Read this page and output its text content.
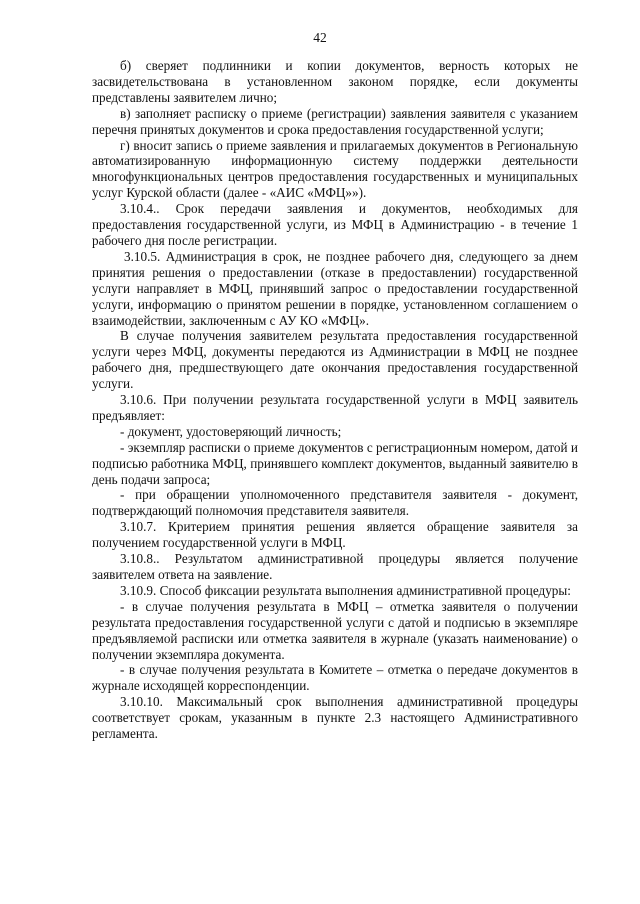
42

б) сверяет подлинники и копии документов, верность которых не засвидетельствована в установленном законом порядке, если документы представлены заявителем лично;

в) заполняет расписку о приеме (регистрации) заявления заявителя с указанием перечня принятых документов и срока предоставления государственной услуги;

г) вносит запись о приеме заявления и прилагаемых документов в Региональную автоматизированную информационную систему поддержки деятельности многофункциональных центров предоставления государственных и муниципальных услуг Курской области (далее - «АИС «МФЦ»»).

3.10.4.. Срок передачи заявления и документов, необходимых для предоставления государственной услуги, из МФЦ в Администрацию - в течение 1 рабочего дня после регистрации.

3.10.5. Администрация в срок, не позднее рабочего дня, следующего за днем принятия решения о предоставлении (отказе в предоставлении) государственной услуги направляет в МФЦ, принявший запрос о предоставлении государственной услуги, информацию о принятом решении в порядке, установленном соглашением о взаимодействии, заключенным с АУ КО «МФЦ».

В случае получения заявителем результата предоставления государственной услуги через МФЦ, документы передаются из Администрации в МФЦ не позднее рабочего дня, предшествующего дате окончания предоставления государственной услуги.

3.10.6. При получении результата государственной услуги в МФЦ заявитель предъявляет:

- документ, удостоверяющий личность;

- экземпляр расписки о приеме документов с регистрационным номером, датой и подписью работника МФЦ, принявшего комплект документов, выданный заявителю в день подачи запроса;

- при обращении уполномоченного представителя заявителя - документ, подтверждающий полномочия представителя заявителя.

3.10.7. Критерием принятия решения является обращение заявителя за получением государственной услуги в МФЦ.

3.10.8.. Результатом административной процедуры является получение заявителем ответа на заявление.

3.10.9. Способ фиксации результата выполнения административной процедуры:

- в случае получения результата в МФЦ – отметка заявителя о получении результата предоставления государственной услуги с датой и подписью в экземпляре предъявляемой расписки или отметка заявителя в журнале (указать наименование) о получении экземпляра документа.

- в случае получения результата в Комитете – отметка о передаче документов в журнале исходящей корреспонденции.

3.10.10. Максимальный срок выполнения административной процедуры соответствует срокам, указанным в пункте 2.3 настоящего Административного регламента.
